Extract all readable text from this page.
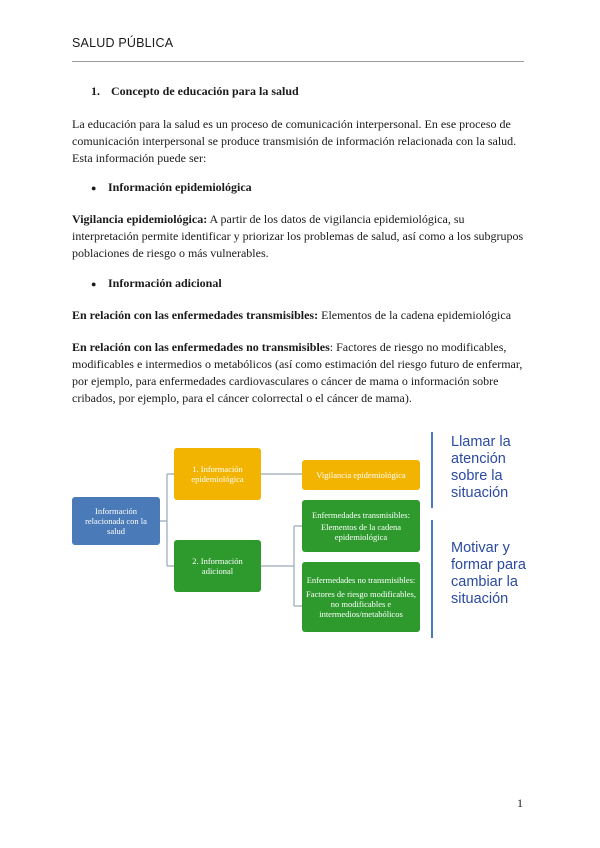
SALUD PÚBLICA
1. Concepto de educación para la salud
La educación para la salud es un proceso de comunicación interpersonal. En ese proceso de
comunicación interpersonal se produce transmisión de información relacionada con la salud.
Esta información puede ser:
● Información epidemiológica
Vigilancia epidemiológica: A partir de los datos de vigilancia epidemiológica, su
interpretación permite identificar y priorizar los problemas de salud, así como a los subgrupos
poblaciones de riesgo o más vulnerables.
● Información adicional
En relación con las enfermedades transmisibles: Elementos de la cadena epidemiológica
En relación con las enfermedades no transmisibles: Factores de riesgo no modificables,
modificables e intermedios o metabólicos (así como estimación del riesgo futuro de enfermar,
por ejemplo, para enfermedades cardiovasculares o cáncer de mama o información sobre
cribados, por ejemplo, para el cáncer colorrectal o el cáncer de mama).
Información relacionada con la salud
1. Información epidemiológica
2. Información adicional
Vigilancia epidemiológica
Enfermedades transmisibles:
Elementos de la cadena epidemiológica
Enfermedades no transmisibles:
Factores de riesgo modificables, no modificables e intermedios/metabólicos
Llamar la
atención
sobre la
situación
Motivar y
formar para
cambiar la
situación
1
